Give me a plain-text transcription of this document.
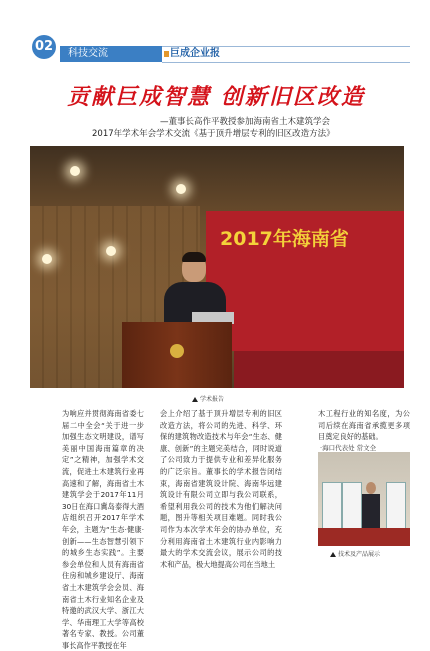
02 科技交流	巨成企业报
贡献巨成智慧 创新旧区改造
—董事长高作平教授参加海南省土木建筑学会
2017年学术年会学术交流《基于顶升增层专利的旧区改造方法》
2017年海南省
学术报告
为响应并贯彻海南省委七届二中全会“关于进一步加强生态文明建设，谱写美丽中国海南篇章的决定”之精神，加强学术交流，促进土木建筑行业再高速和了解，海南省土木建筑学会于2017年11月30日在海口冀岛泰得大酒店组织召开2017年学术年会，主题为“生态·健康·创新——生态智慧引领下的城乡生态实践”。主要参会单位和人员有海南省住房和城乡建设厅、海南省土木建筑学会会员、海南省土木行业知名企业及特邀的武汉大学、浙江大学、华南理工大学等高校著名专家、教授。公司董事长高作平教授在年
会上介绍了基于顶升增层专利的旧区改造方法，将公司的先进、科学、环保的建筑物改造技术与年会“生态、健康、创新”的主题完美结合，同时说道了公司致力于提供专业和差异化服务的广泛宗旨。董事长的学术报告闭结束，海南省建筑设计院、海南华远建筑设计有限公司立即与我公司联系，希望利用我公司的技术为他们解决问题，图升等相关项目难题。同时我公司作为本次学术年会的协办单位，充分利用海南省土木建筑行业内影响力最大的学术交流会议，展示公司的技术和产品，极大地提高公司在当地土
木工程行业的知名度，为公司后续在海南省承揽更多项目奠定良好的基础。
·海口代表处 常文全
技术及产品展示
